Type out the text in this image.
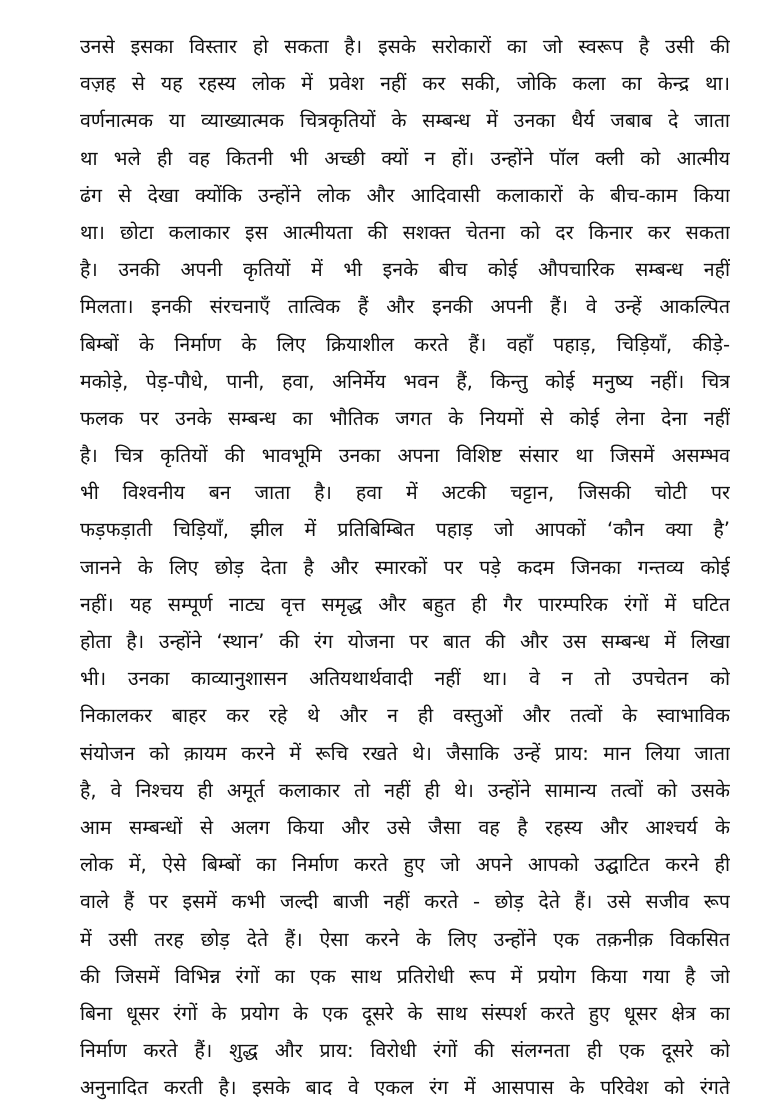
उनसे इसका विस्तार हो सकता है। इसके सरोकारों का जो स्वरूप है उसी की
वज़ह से यह रहस्य लोक में प्रवेश नहीं कर सकी, जोकि कला का केन्द्र था।
वर्णनात्मक या व्याख्यात्मक चित्रकृतियों के सम्बन्ध में उनका धैर्य जबाब दे जाता
था भले ही वह कितनी भी अच्छी क्यों न हों। उन्होंने पॉल क्ली को आत्मीय
ढंग से देखा क्योंकि उन्होंने लोक और आदिवासी कलाकारों के बीच-काम किया
था। छोटा कलाकार इस आत्मीयता की सशक्त चेतना को दर किनार कर सकता
है। उनकी अपनी कृतियों में भी इनके बीच कोई औपचारिक सम्बन्ध नहीं
मिलता। इनकी संरचनाएँ तात्विक हैं और इनकी अपनी हैं। वे उन्हें आकल्पित
बिम्बों के निर्माण के लिए क्रियाशील करते हैं। वहाँ पहाड़, चिड़ियाँ, कीड़े-
मकोड़े, पेड़-पौधे, पानी, हवा, अनिर्मेय भवन हैं, किन्तु कोई मनुष्य नहीं। चित्र
फलक पर उनके सम्बन्ध का भौतिक जगत के नियमों से कोई लेना देना नहीं
है। चित्र कृतियों की भावभूमि उनका अपना विशिष्ट संसार था जिसमें असम्भव
भी विश्वनीय बन जाता है। हवा में अटकी चट्टान, जिसकी चोटी पर
फड़फड़ाती चिड़ियाँ, झील में प्रतिबिम्बित पहाड़ जो आपकों ‘कौन क्या है’
जानने के लिए छोड़ देता है और स्मारकों पर पड़े कदम जिनका गन्तव्य कोई
नहीं। यह सम्पूर्ण नाट्य वृत्त समृद्ध और बहुत ही गैर पारम्परिक रंगों में घटित
होता है। उन्होंने ‘स्थान’ की रंग योजना पर बात की और उस सम्बन्ध में लिखा
भी। उनका काव्यानुशासन अतियथार्थवादी नहीं था। वे न तो उपचेतन को
निकालकर बाहर कर रहे थे और न ही वस्तुओं और तत्वों के स्वाभाविक
संयोजन को क़ायम करने में रूचि रखते थे। जैसाकि उन्हें प्राय: मान लिया जाता
है, वे निश्चय ही अमूर्त कलाकार तो नहीं ही थे। उन्होंने सामान्य तत्वों को उसके
आम सम्बन्धों से अलग किया और उसे जैसा वह है रहस्य और आश्चर्य के
लोक में, ऐसे बिम्बों का निर्माण करते हुए जो अपने आपको उद्घाटित करने ही
वाले हैं पर इसमें कभी जल्दी बाजी नहीं करते - छोड़ देते हैं। उसे सजीव रूप
में उसी तरह छोड़ देते हैं। ऐसा करने के लिए उन्होंने एक तक़नीक़ विकसित
की जिसमें विभिन्न रंगों का एक साथ प्रतिरोधी रूप में प्रयोग किया गया है जो
बिना धूसर रंगों के प्रयोग के एक दूसरे के साथ संस्पर्श करते हुए धूसर क्षेत्र का
निर्माण करते हैं। शुद्ध और प्राय: विरोधी रंगों की संलग्नता ही एक दूसरे को
अनुनादित करती है। इसके बाद वे एकल रंग में आसपास के परिवेश को रंगते
